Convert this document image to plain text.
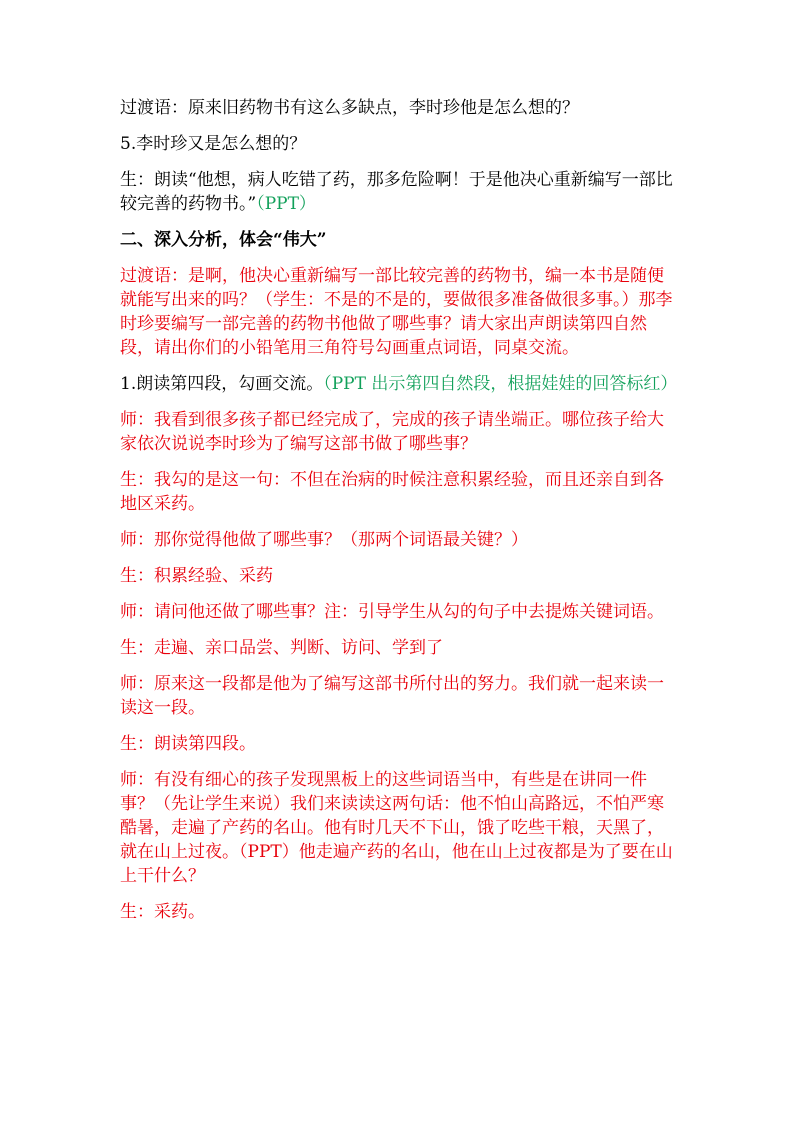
过渡语：原来旧药物书有这么多缺点，李时珍他是怎么想的？

5.李时珍又是怎么想的？

生：朗读“他想，病人吃错了药，那多危险啊！于是他决心重新编写一部比较完善的药物书。”（PPT）

二、深入分析，体会“伟大”

过渡语：是啊，他决心重新编写一部比较完善的药物书，编一本书是随便就能写出来的吗？（学生：不是的不是的，要做很多准备做很多事。）那李时珍要编写一部完善的药物书他做了哪些事？请大家出声朗读第四自然段，请出你们的小铅笔用三角符号勾画重点词语，同桌交流。

1.朗读第四段，勾画交流。（PPT 出示第四自然段，根据娃娃的回答标红）

师：我看到很多孩子都已经完成了，完成的孩子请坐端正。哪位孩子给大家依次说说李时珍为了编写这部书做了哪些事？

生：我勾的是这一句：不但在治病的时候注意积累经验，而且还亲自到各地区采药。

师：那你觉得他做了哪些事？（那两个词语最关键？）

生：积累经验、采药

师：请问他还做了哪些事？注：引导学生从勾的句子中去提炼关键词语。

生：走遍、亲口品尝、判断、访问、学到了

师：原来这一段都是他为了编写这部书所付出的努力。我们就一起来读一读这一段。

生：朗读第四段。

师：有没有细心的孩子发现黑板上的这些词语当中，有些是在讲同一件事？（先让学生来说）我们来读读这两句话：他不怕山高路远，不怕严寒酷暑，走遍了产药的名山。他有时几天不下山，饿了吃些干粮，天黑了，就在山上过夜。（PPT）他走遍产药的名山，他在山上过夜都是为了要在山上干什么？

生：采药。
